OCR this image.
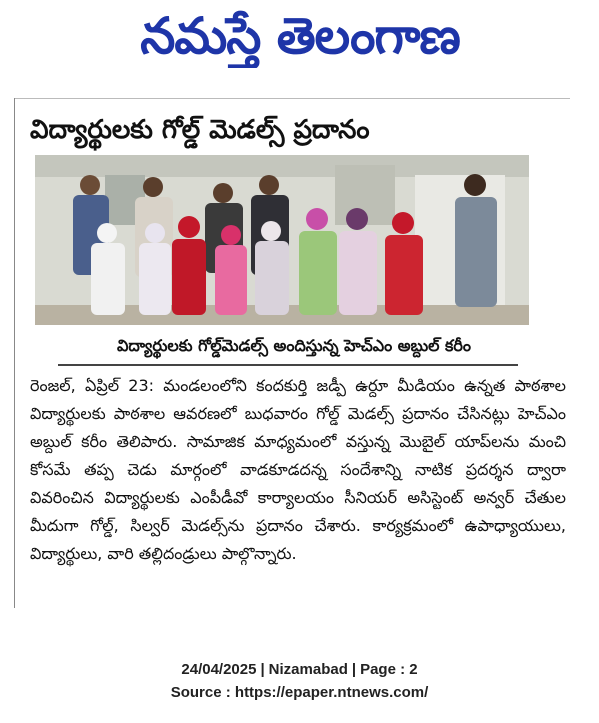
నమస్తే తెలంగాణ
విద్యార్థులకు గోల్డ్ మెడల్స్ ప్రదానం
విద్యార్థులకు గోల్డ్‌మెడల్స్ అందిస్తున్న హెచ్ఎం అబ్దుల్ కరీం
రెంజల్, ఏప్రిల్ 23: మండలంలోని కందకుర్తి జడ్పీ ఉర్దూ మీడియం ఉన్నత పాఠశాల విద్యార్థులకు పాఠశాల ఆవరణలో బుధవారం గోల్డ్ మెడల్స్ ప్రదానం చేసినట్లు హెచ్ఎం అబ్దుల్ కరీం తెలిపారు. సామాజిక మాధ్యమంలో వస్తున్న మొబైల్ యాప్‌లను మంచి కోసమే తప్ప చెడు మార్గంలో వాడకూడదన్న సందేశాన్ని నాటిక ప్రదర్శన ద్వారా వివరించిన విద్యార్థులకు ఎంపీడీవో కార్యాలయం సీనియర్ అసిస్టెంట్ అన్వర్ చేతుల మీదుగా గోల్డ్, సిల్వర్ మెడల్స్‌ను ప్రదానం చేశారు. కార్యక్రమంలో ఉపాధ్యాయులు, విద్యార్థులు, వారి తల్లిదండ్రులు పాల్గొన్నారు.
24/04/2025 | Nizamabad | Page : 2
Source : https://epaper.ntnews.com/
